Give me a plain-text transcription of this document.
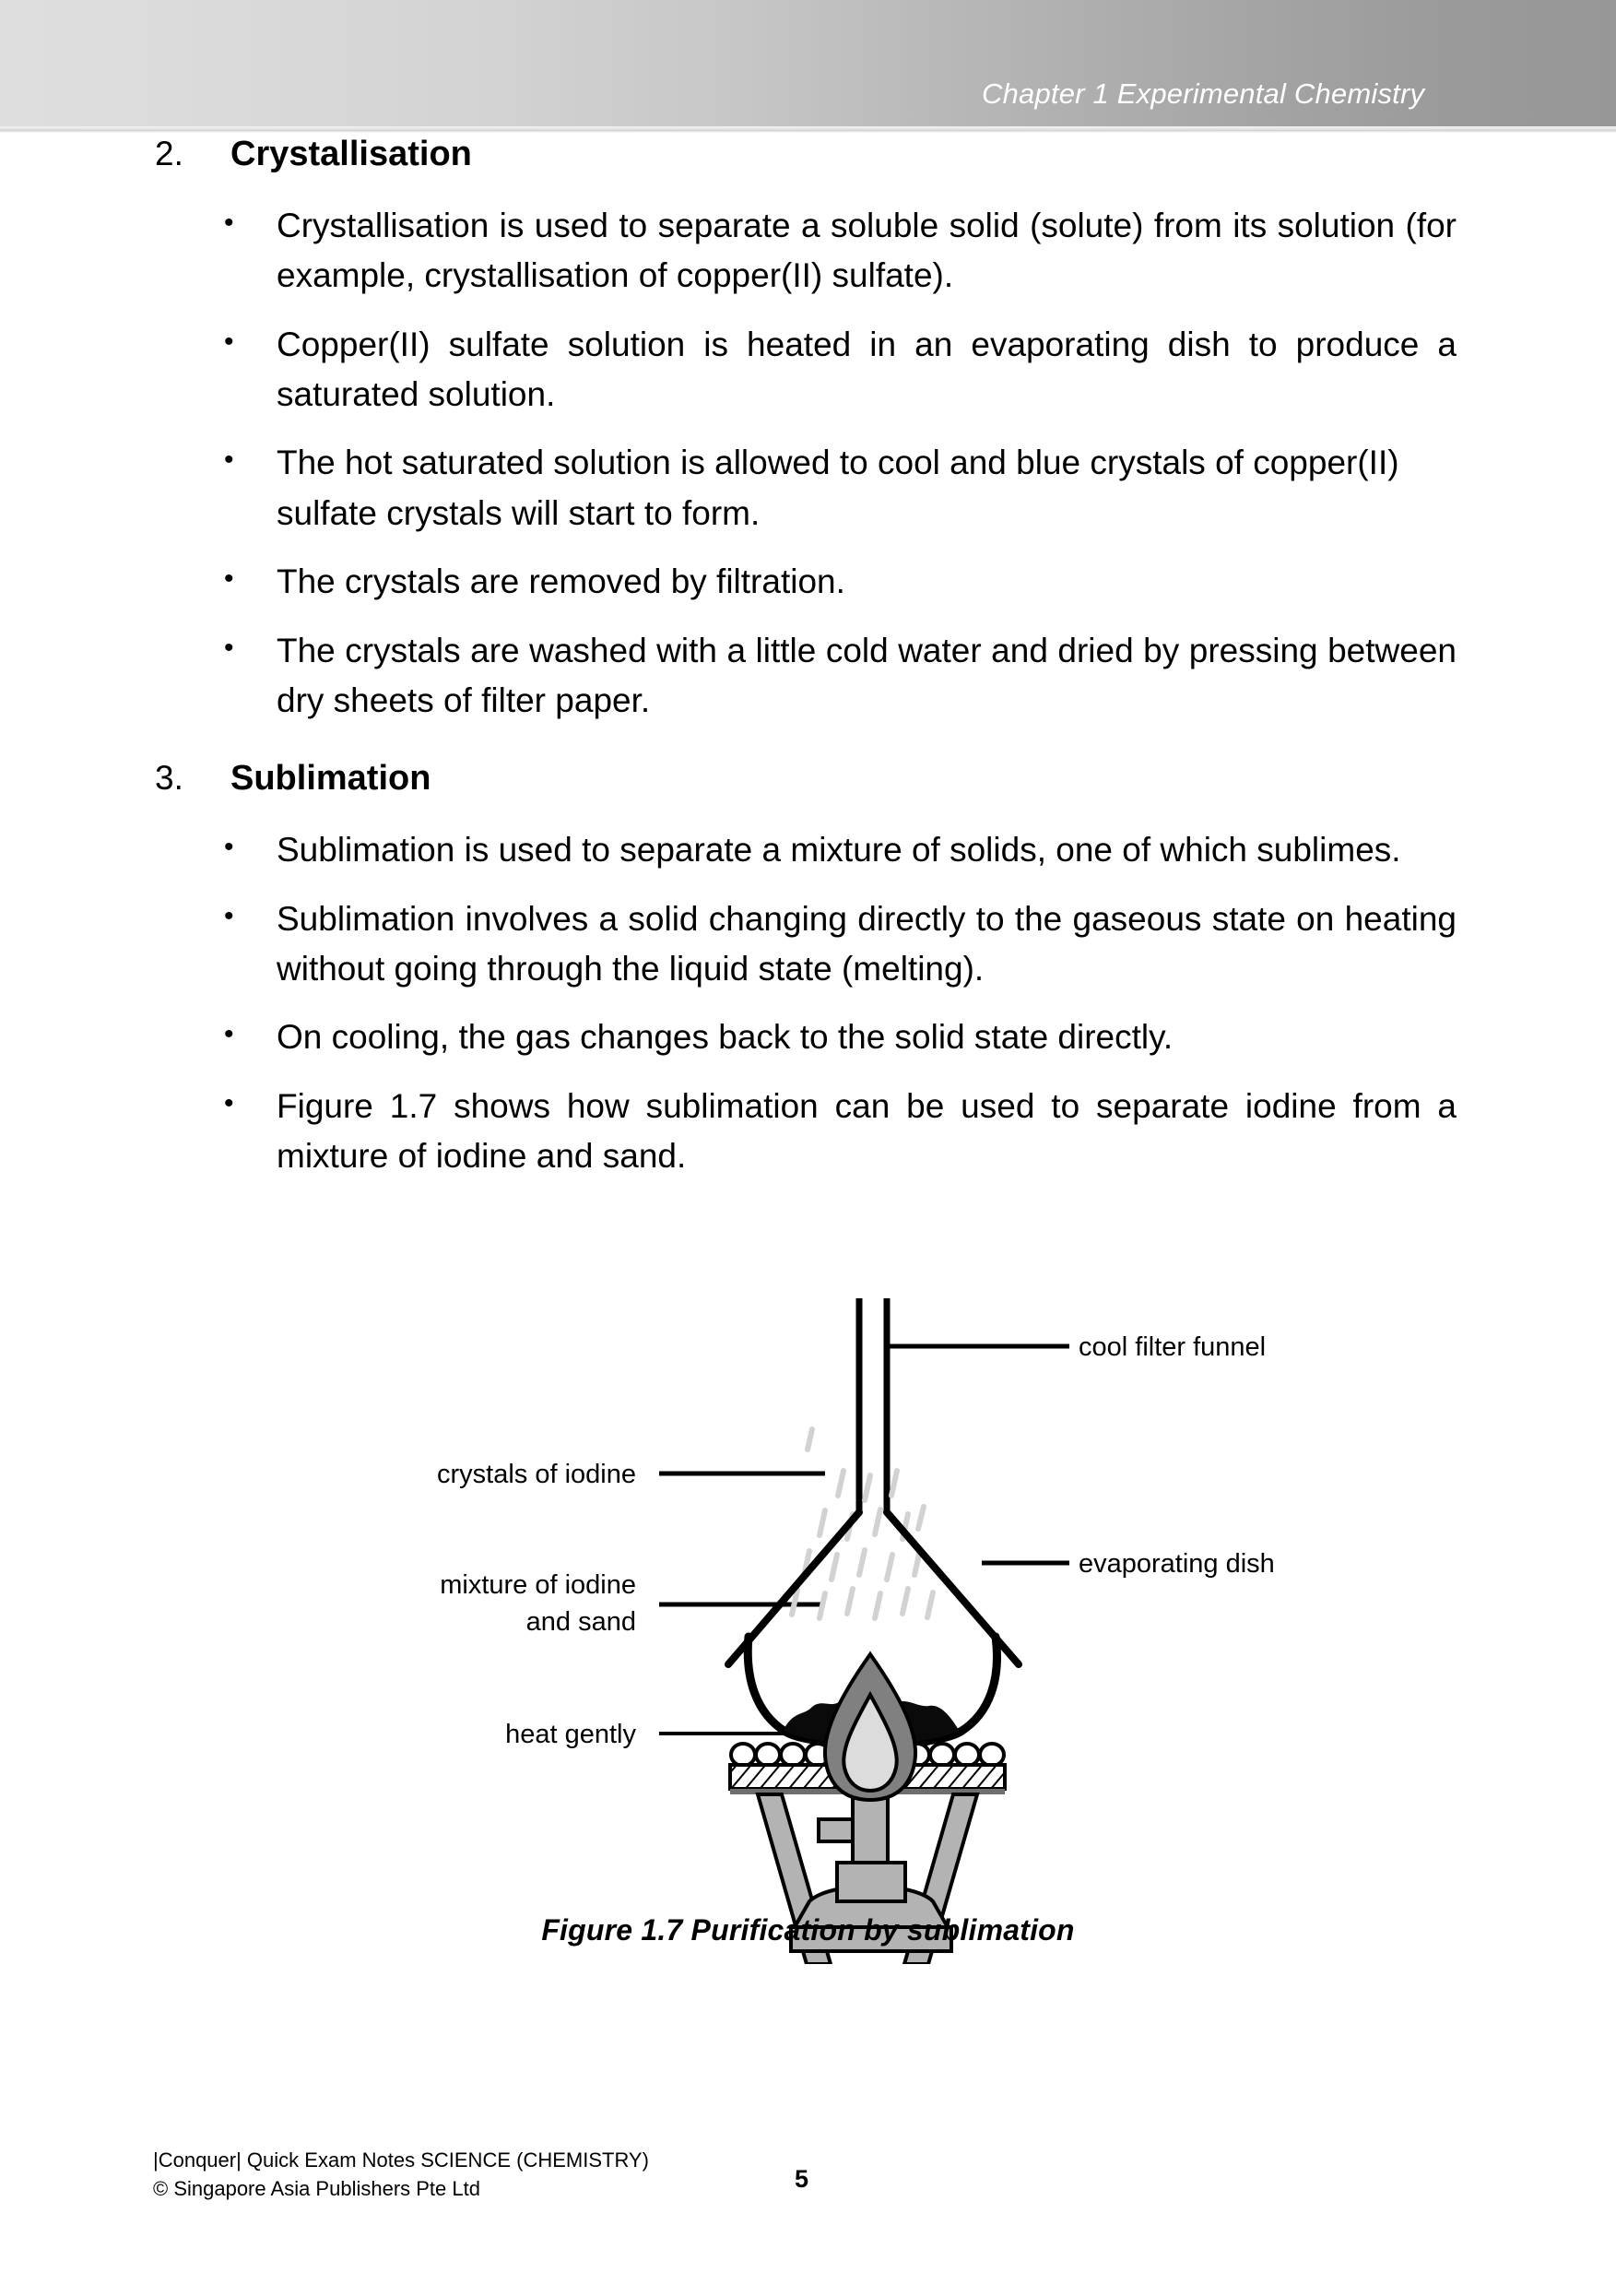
Chapter 1 Experimental Chemistry
2.	Crystallisation
•	Crystallisation is used to separate a soluble solid (solute) from its solution (for example, crystallisation of copper(II) sulfate).
•	Copper(II) sulfate solution is heated in an evaporating dish to produce a saturated solution.
•	The hot saturated solution is allowed to cool and blue crystals of copper(II) sulfate crystals will start to form.
•	The crystals are removed by filtration.
•	The crystals are washed with a little cold water and dried by pressing between dry sheets of filter paper.
3.	Sublimation
•	Sublimation is used to separate a mixture of solids, one of which sublimes.
•	Sublimation involves a solid changing directly to the gaseous state on heating without going through the liquid state (melting).
•	On cooling, the gas changes back to the solid state directly.
•	Figure 1.7 shows how sublimation can be used to separate iodine from a mixture of iodine and sand.
cool filter funnel
crystals of iodine
mixture of iodine
and sand
evaporating dish
heat gently
Figure 1.7 Purification by sublimation
|Conquer| Quick Exam Notes SCIENCE (CHEMISTRY)
© Singapore Asia Publishers Pte Ltd	5
